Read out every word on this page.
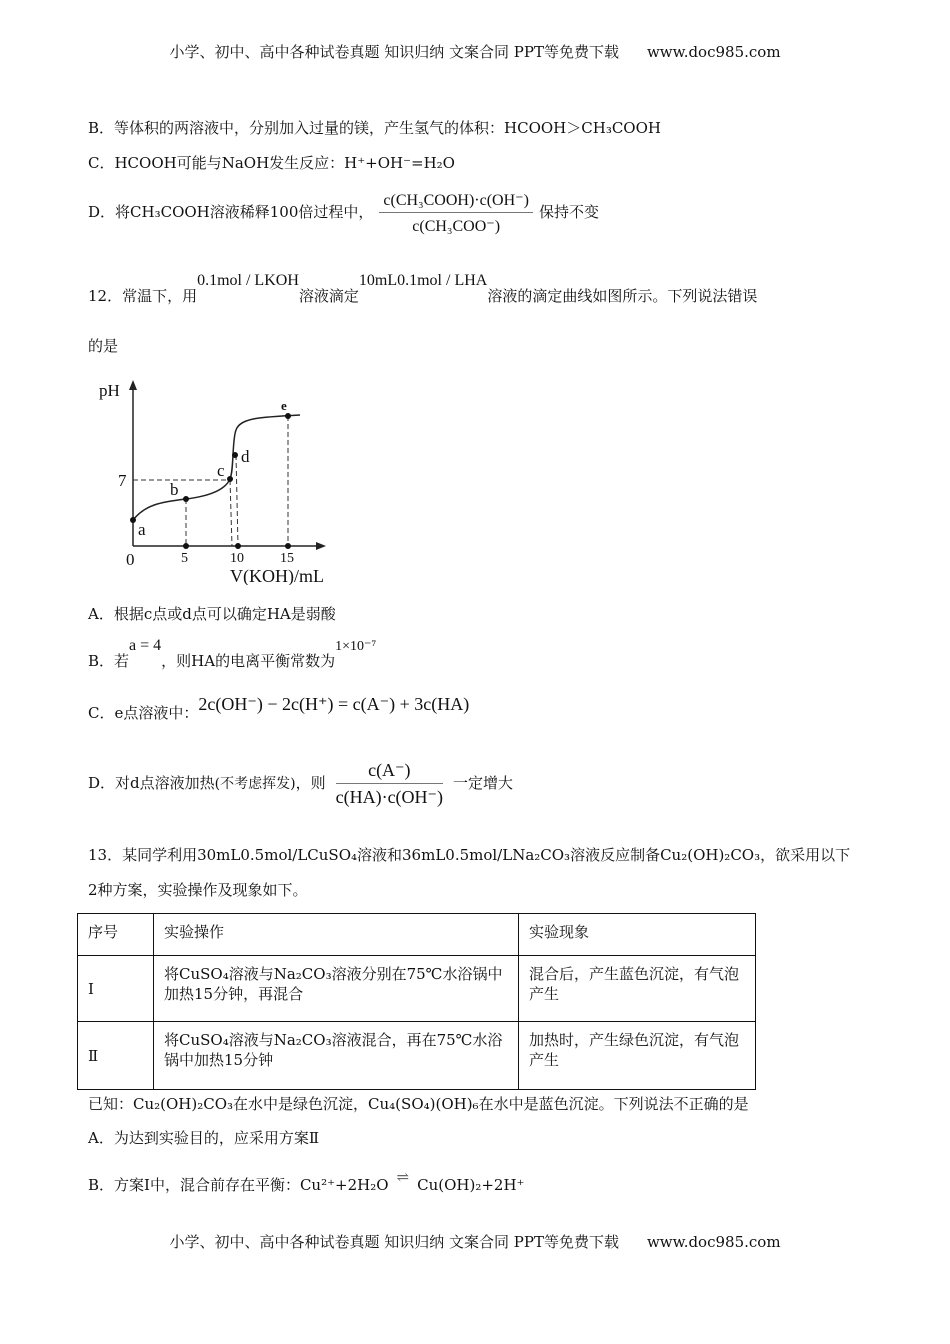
小学、初中、高中各种试卷真题 知识归纳 文案合同 PPT等免费下载 www.doc985.com
B．等体积的两溶液中，分别加入过量的镁，产生氢气的体积：HCOOH＞CH₃COOH
C．HCOOH可能与NaOH发生反应：H⁺+OH⁻=H₂O
D．将CH₃COOH溶液稀释100倍过程中， $\frac{\text{c(CH₃COOH)·c(OH⁻)}}{\text{c(CH₃COO⁻)}}$ 保持不变
12．常温下，用0.1mol / LKOH溶液滴定10mL0.1mol / LHA溶液的滴定曲线如图所示。下列说法错误
的是
a
b
c
d
e
pH
7
0	5	10	15
V(KOH)/mL
A．根据c点或d点可以确定HA是弱酸
B．若a = 4，则HA的电离平衡常数为1×10⁻⁷
C．e点溶液中：2c(OH⁻) − 2c(H⁺) = c(A⁻) + 3c(HA)
D．对d点溶液加热(不考虑挥发)，则 $\frac{c(A^-)}{c(HA)\cdot c(OH^-)}$ 一定增大
13．某同学利用30mL0.5mol/LCuSO₄溶液和36mL0.5mol/LNa₂CO₃溶液反应制备Cu₂(OH)₂CO₃，欲采用以下
2种方案，实验操作及现象如下。
序号	实验操作	实验现象
Ⅰ	将CuSO₄溶液与Na₂CO₃溶液分别在75℃水浴锅中加热15分钟，再混合	混合后，产生蓝色沉淀，有气泡产生
Ⅱ	将CuSO₄溶液与Na₂CO₃溶液混合，再在75℃水浴锅中加热15分钟	加热时，产生绿色沉淀，有气泡产生
已知：Cu₂(OH)₂CO₃在水中是绿色沉淀，Cu₄(SO₄)(OH)₆在水中是蓝色沉淀。下列说法不正确的是
A．为达到实验目的，应采用方案Ⅱ
B．方案Ⅰ中，混合前存在平衡：Cu²⁺+2H₂O ⇌ Cu(OH)₂+2H⁺
小学、初中、高中各种试卷真题 知识归纳 文案合同 PPT等免费下载 www.doc985.com
